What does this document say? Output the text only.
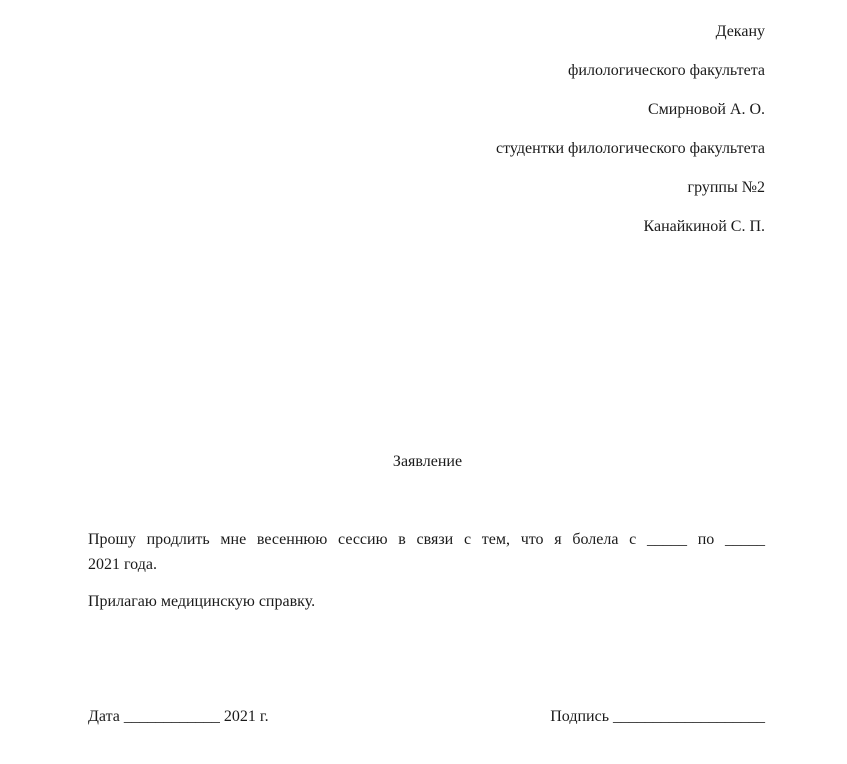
Декану
филологического факультета
Смирновой А. О.
студентки филологического факультета
группы №2
Канайкиной С. П.
Заявление
Прошу продлить мне весеннюю сессию в связи с тем, что я болела с _____ по _____
2021 года.
Прилагаю медицинскую справку.
Дата ____________ 2021 г.	Подпись ___________________
